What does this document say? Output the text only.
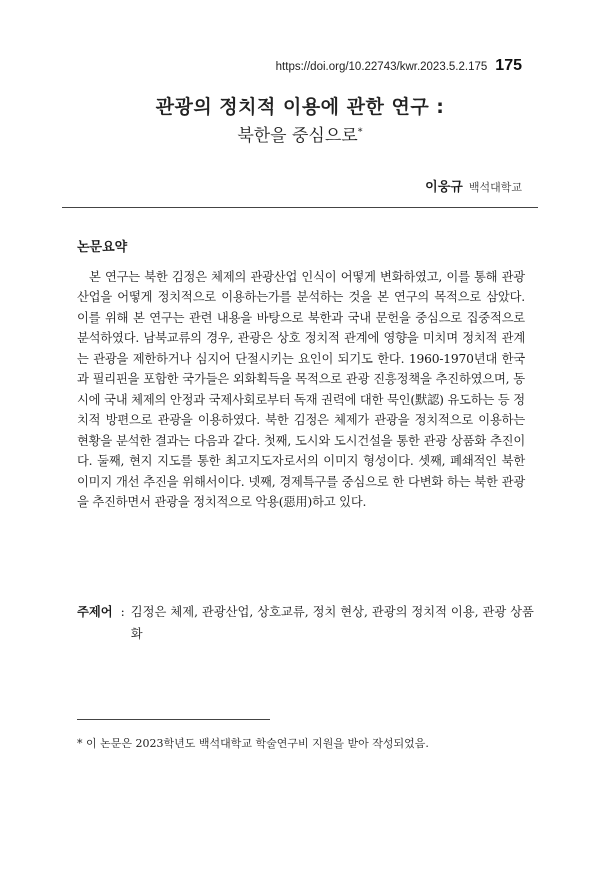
https://doi.org/10.22743/kwr.2023.5.2.175 175
관광의 정치적 이용에 관한 연구 :
북한을 중심으로*
이웅규 백석대학교
논문요약

본 연구는 북한 김정은 체제의 관광산업 인식이 어떻게 변화하였고, 이를 통해 관광산업을 어떻게 정치적으로 이용하는가를 분석하는 것을 본 연구의 목적으로 삼았다. 이를 위해 본 연구는 관련 내용을 바탕으로 북한과 국내 문헌을 중심으로 집중적으로 분석하였다. 남북교류의 경우, 관광은 상호 정치적 관계에 영향을 미치며 정치적 관계는 관광을 제한하거나 심지어 단절시키는 요인이 되기도 한다. 1960-1970년대 한국과 필리핀을 포함한 국가들은 외화획득을 목적으로 관광 진흥정책을 추진하였으며, 동시에 국내 체제의 안정과 국제사회로부터 독재 권력에 대한 묵인(默認) 유도하는 등 정치적 방편으로 관광을 이용하였다. 북한 김정은 체제가 관광을 정치적으로 이용하는 현황을 분석한 결과는 다음과 같다. 첫째, 도시와 도시건설을 통한 관광 상품화 추진이다. 둘째, 현지 지도를 통한 최고지도자로서의 이미지 형성이다. 셋째, 폐쇄적인 북한 이미지 개선 추진을 위해서이다. 넷째, 경제특구를 중심으로 한 다변화 하는 북한 관광을 추진하면서 관광을 정치적으로 악용(惡用)하고 있다.

주제어 : 김정은 체제, 관광산업, 상호교류, 정치 현상, 관광의 정치적 이용, 관광 상품화
* 이 논문은 2023학년도 백석대학교 학술연구비 지원을 받아 작성되었음.
